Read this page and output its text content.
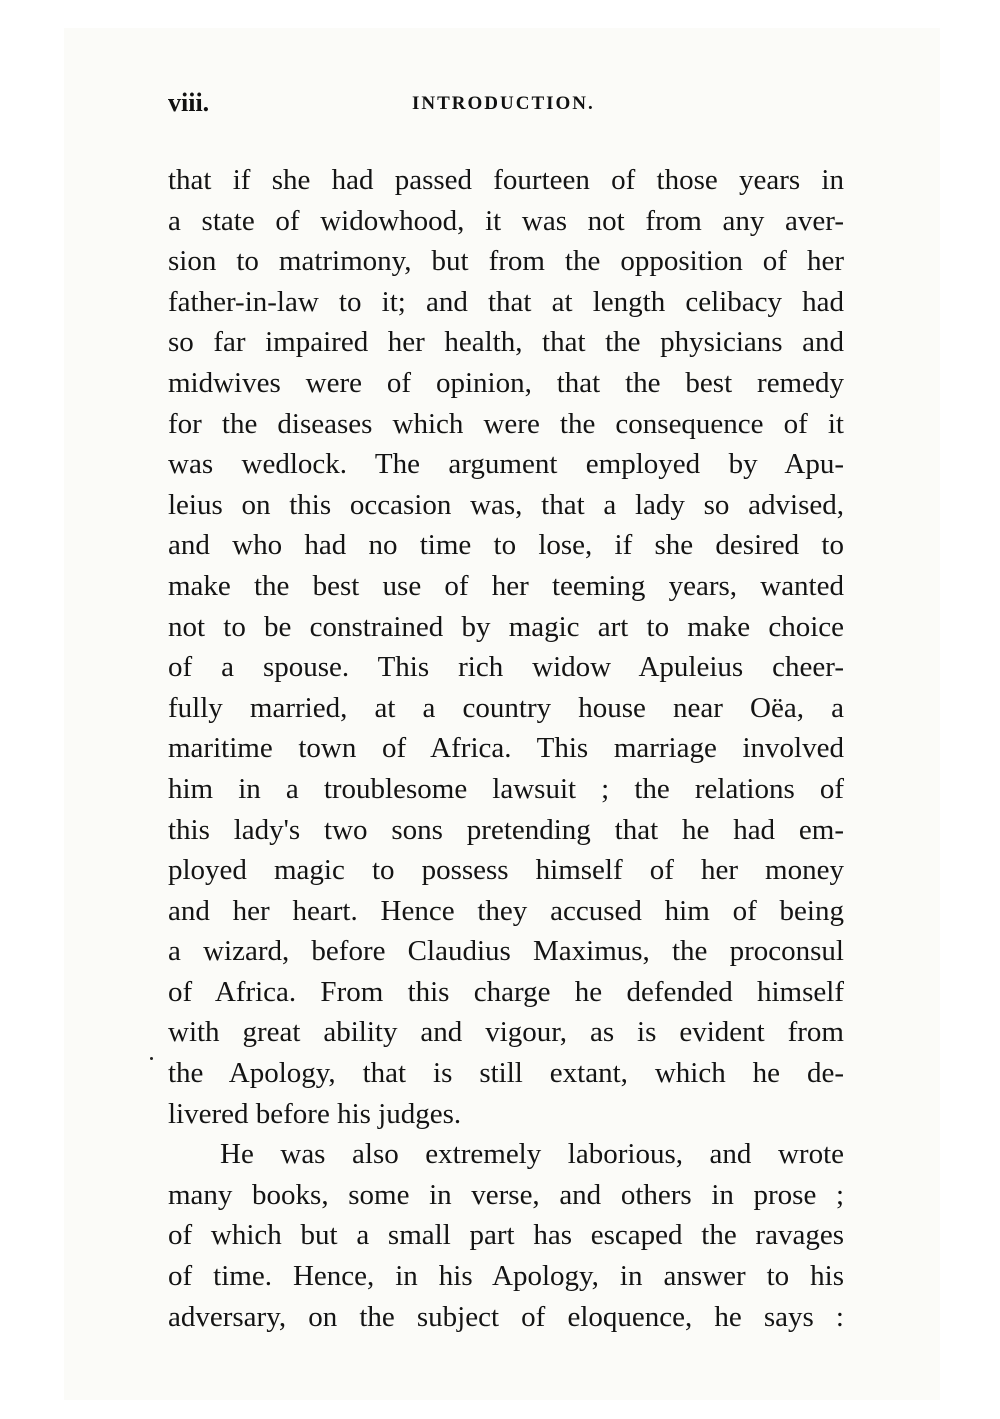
viii.	INTRODUCTION.
that if she had passed fourteen of those years in
a state of widowhood, it was not from any aver-
sion to matrimony, but from the opposition of her
father-in-law to it; and that at length celibacy had
so far impaired her health, that the physicians and
midwives were of opinion, that the best remedy
for the diseases which were the consequence of it
was wedlock. The argument employed by Apu-
leius on this occasion was, that a lady so advised,
and who had no time to lose, if she desired to
make the best use of her teeming years, wanted
not to be constrained by magic art to make choice
of a spouse. This rich widow Apuleius cheer-
fully married, at a country house near Oëa, a
maritime town of Africa. This marriage involved
him in a troublesome lawsuit ; the relations of
this lady's two sons pretending that he had em-
ployed magic to possess himself of her money
and her heart. Hence they accused him of being
a wizard, before Claudius Maximus, the proconsul
of Africa. From this charge he defended himself
with great ability and vigour, as is evident from
the Apology, that is still extant, which he de-
livered before his judges.
He was also extremely laborious, and wrote
many books, some in verse, and others in prose ;
of which but a small part has escaped the ravages
of time. Hence, in his Apology, in answer to his
adversary, on the subject of eloquence, he says :
